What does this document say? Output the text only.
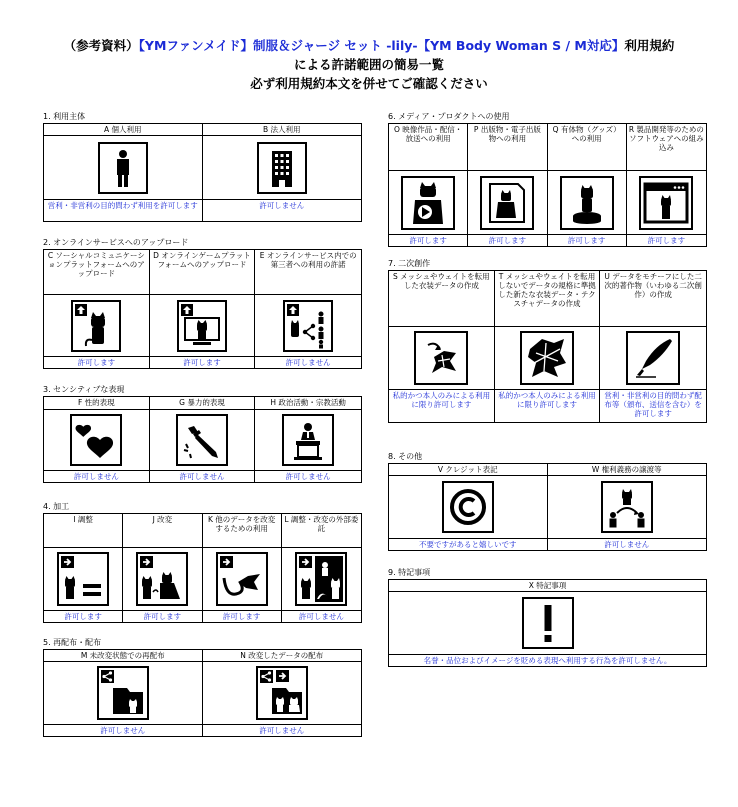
（参考資料）【YMファンメイド】制服＆ジャージ セット -lily-【YM Body Woman S / M対応】利用規約
による許諾範囲の簡易一覧
必ず利用規約本文を併せてご確認ください
1. 利用主体
A 個人利用
営利・非営利の目的問わず利用を許可します
B 法人利用
許可しません
2. オンラインサービスへのアップロード
C ソーシャルコミュニケーションプラットフォームへのアップロード
許可します
D オンラインゲームプラットフォームへのアップロード
許可します
E オンラインサービス内での第三者への利用の許諾
許可しません
3. センシティブな表現
F 性的表現
許可しません
G 暴力的表現
許可しません
H 政治活動・宗教活動
許可しません
4. 加工
I 調整
許可します
J 改変
許可します
K 他のデータを改変するための利用
許可します
L 調整・改変の外部委託
許可しません
5. 再配布・配布
M 未改変状態での再配布
許可しません
N 改変したデータの配布
許可しません
6. メディア・プロダクトへの使用
O 映像作品・配信・放送への利用
許可します
P 出版物・電子出版物への利用
許可します
Q 有体物（グッズ）への利用
許可します
R 製品開発等のためのソフトウェアへの組み込み
許可します
7. 二次創作
S メッシュやウェイトを転用した衣装データの作成
私的かつ本人のみによる利用に限り許可します
T メッシュやウェイトを転用しないでデータの規格に準拠した新たな衣装データ・テクスチャデータの作成
私的かつ本人のみによる利用に限り許可します
U データをモチーフにした二次的著作物（いわゆる二次創作）の作成
営利・非営利の目的問わず配布等（頒布、送信を含む）を許可します
8. その他
V クレジット表記
不要ですがあると嬉しいです
W 権利義務の譲渡等
許可しません
9. 特記事項
X 特記事項
名誉・品位およびイメージを貶める表現へ利用する行為を許可しません。
